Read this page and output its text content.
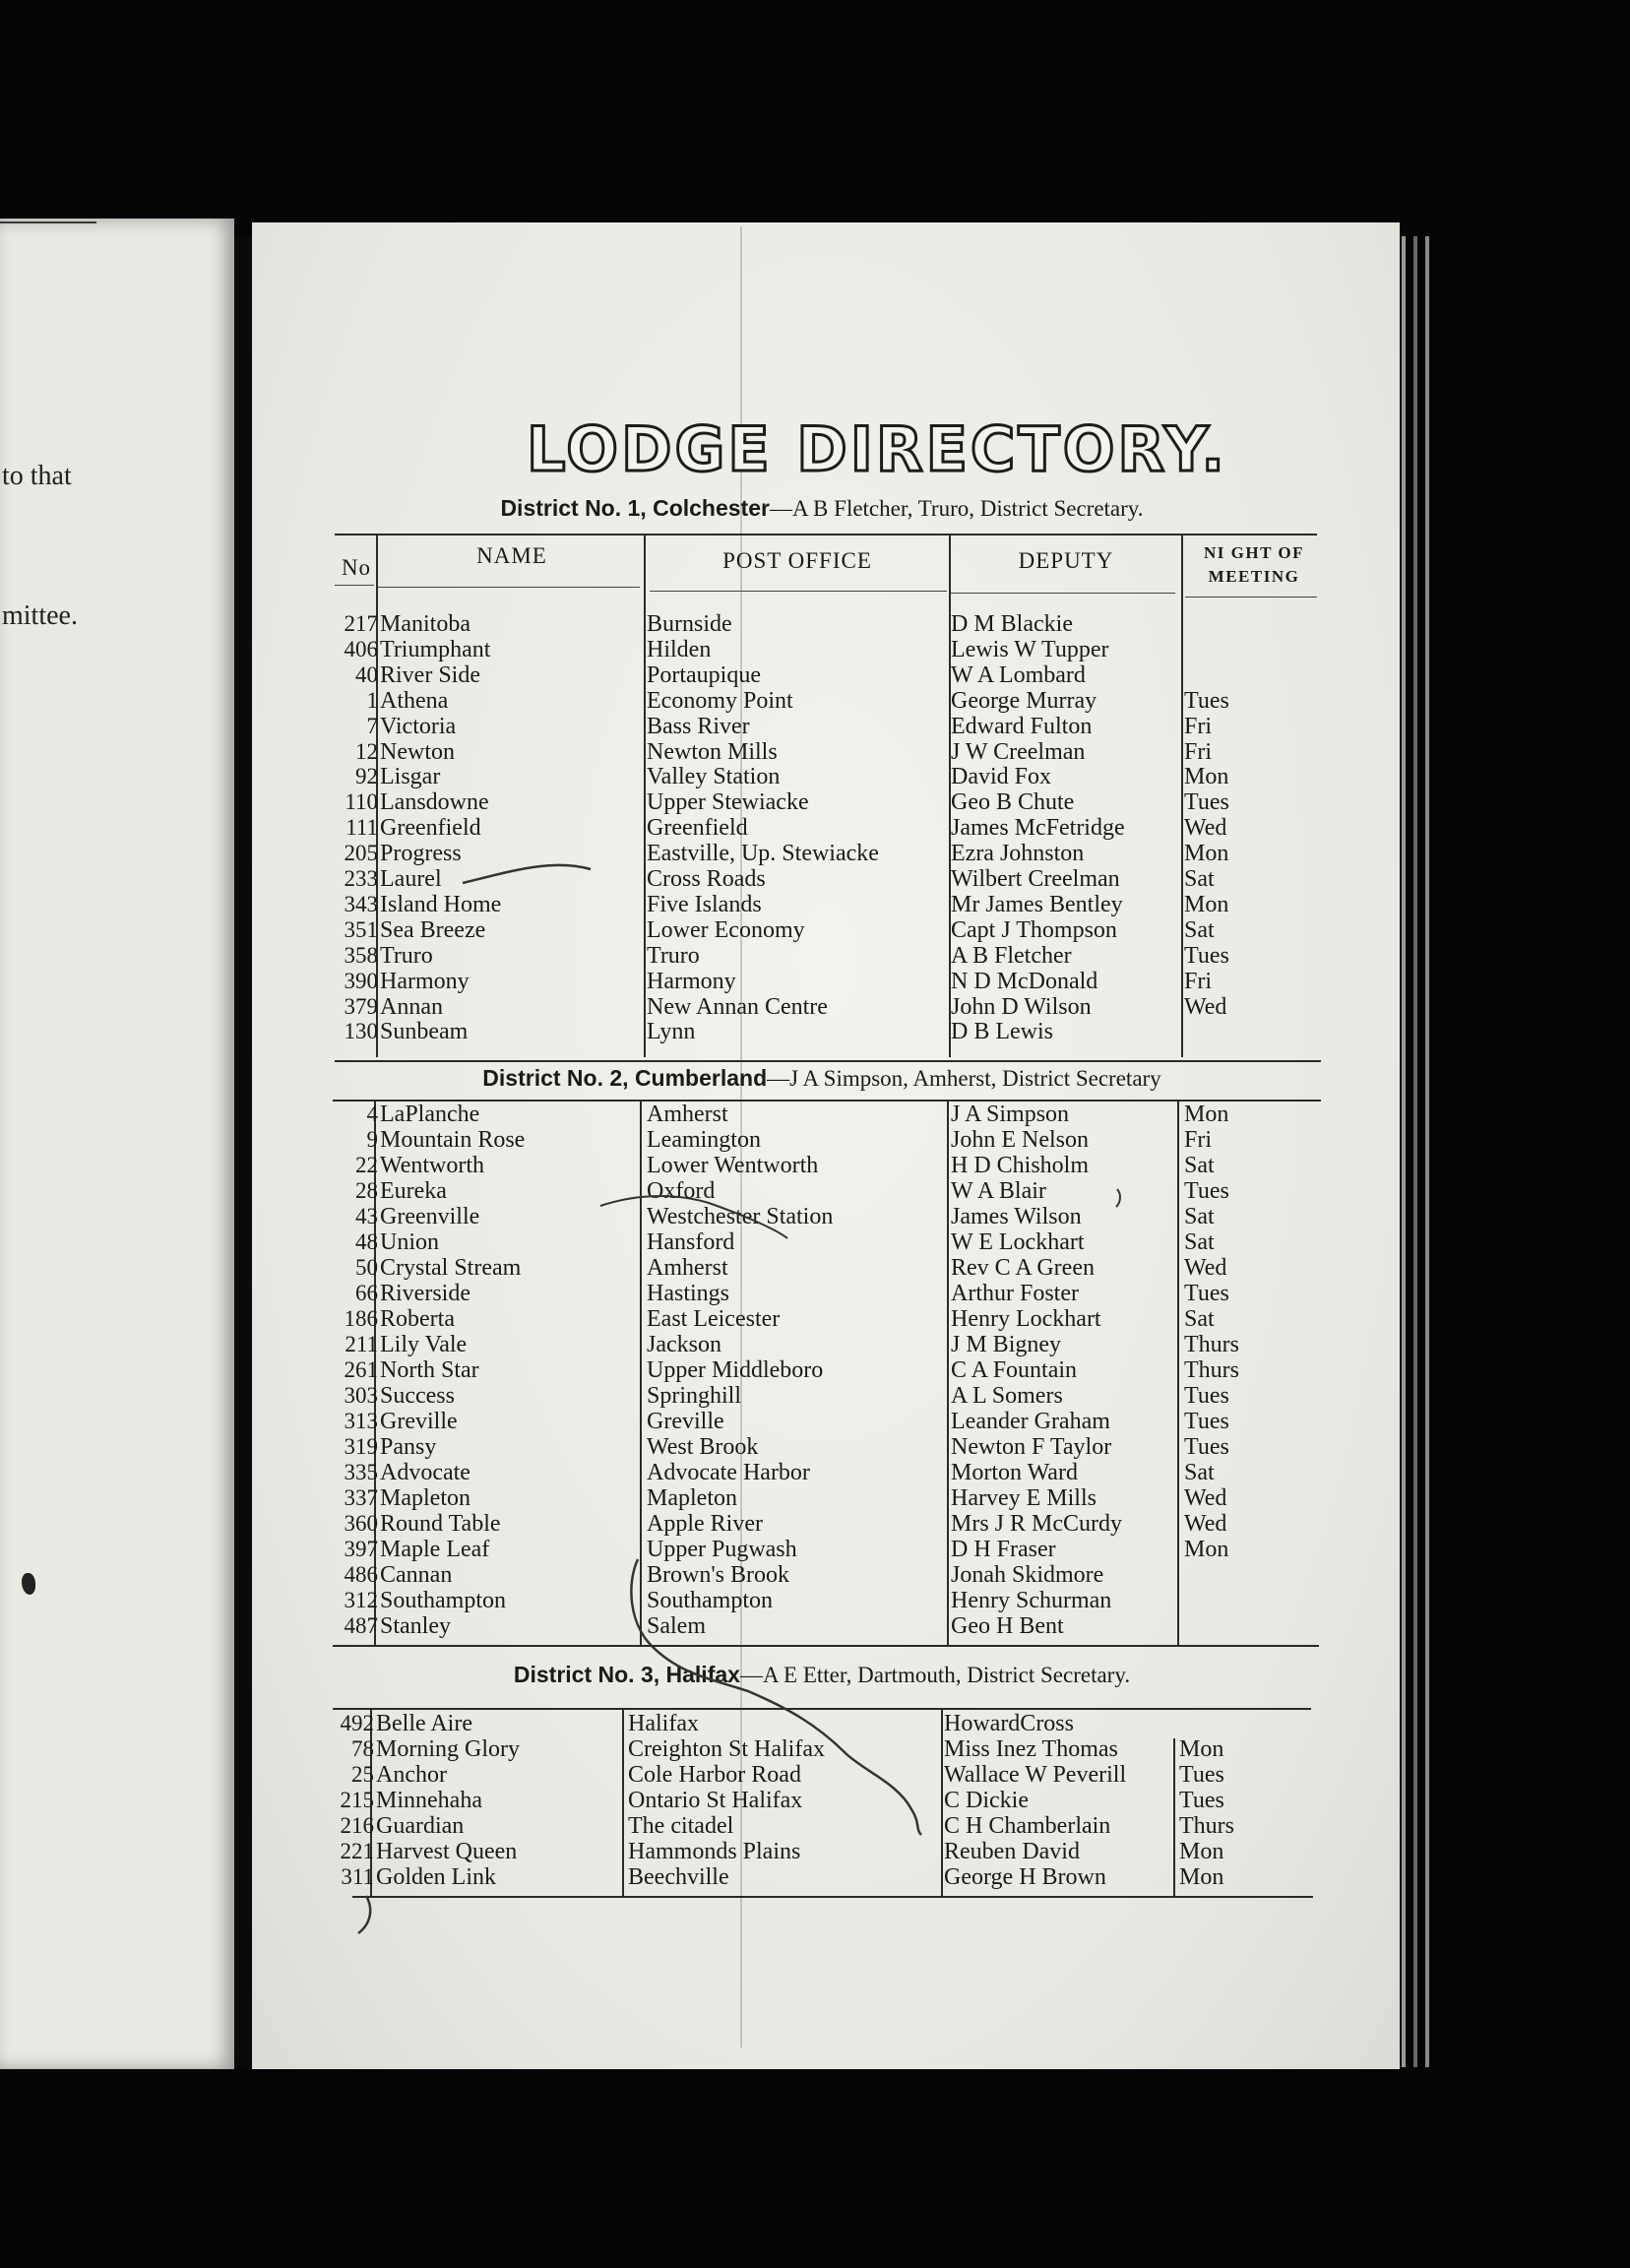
to that
mittee.
LODGE DIRECTORY.
District No. 1, Colchester—A B Fletcher, Truro, District Secretary.
No	NAME	POST OFFICE	DEPUTY	NI GHT OF
MEETING
217 Manitoba	Burnside	D M Blackie
406 Triumphant	Hilden	Lewis W Tupper
40 River Side	Portaupique	W A Lombard
1 Athena	Economy Point	George Murray	Tues
7 Victoria	Bass River	Edward Fulton	Fri
12 Newton	Newton Mills	J W Creelman	Fri
92 Lisgar	Valley Station	David Fox	Mon
110 Lansdowne	Upper Stewiacke	Geo B Chute	Tues
111 Greenfield	Greenfield	James McFetridge	Wed
205 Progress	Eastville, Up. Stewiacke	Ezra Johnston	Mon
233 Laurel	Cross Roads	Wilbert Creelman	Sat
343 Island Home	Five Islands	Mr James Bentley	Mon
351 Sea Breeze	Lower Economy	Capt J Thompson	Sat
358 Truro	Truro	A B Fletcher	Tues
390 Harmony	Harmony	N D McDonald	Fri
379 Annan	New Annan Centre	John D Wilson	Wed
130 Sunbeam	Lynn	D B Lewis
District No. 2, Cumberland—J A Simpson, Amherst, District Secretary
4 LaPlanche	Amherst	J A Simpson	Mon
9 Mountain Rose	Leamington	John E Nelson	Fri
22 Wentworth	Lower Wentworth	H D Chisholm	Sat
28 Eureka	Oxford	W A Blair	Tues
43 Greenville	Westchester Station	James Wilson	Sat
48 Union	Hansford	W E Lockhart	Sat
50 Crystal Stream	Amherst	Rev C A Green	Wed
66 Riverside	Hastings	Arthur Foster	Tues
186 Roberta	East Leicester	Henry Lockhart	Sat
211 Lily Vale	Jackson	J M Bigney	Thurs
261 North Star	Upper Middleboro	C A Fountain	Thurs
303 Success	Springhill	A L Somers	Tues
313 Greville	Greville	Leander Graham	Tues
319 Pansy	West Brook	Newton F Taylor	Tues
335 Advocate	Advocate Harbor	Morton Ward	Sat
337 Mapleton	Mapleton	Harvey E Mills	Wed
360 Round Table	Apple River	Mrs J R McCurdy	Wed
397 Maple Leaf	Upper Pugwash	D H Fraser	Mon
486 Cannan	Brown's Brook	Jonah Skidmore
312 Southampton	Southampton	Henry Schurman
487 Stanley	Salem	Geo H Bent
District No. 3, Halifax—A E Etter, Dartmouth, District Secretary.
492 Belle Aire	Halifax	HowardCross
78 Morning Glory	Creighton St Halifax	Miss Inez Thomas	Mon
25 Anchor	Cole Harbor Road	Wallace W Peverill Tues
215 Minnehaha	Ontario St Halifax	C Dickie	Tues
216 Guardian	The citadel	C H Chamberlain	Thurs
221 Harvest Queen	Hammonds Plains	Reuben David	Mon
311 Golden Link	Beechville	George H Brown	Mon
